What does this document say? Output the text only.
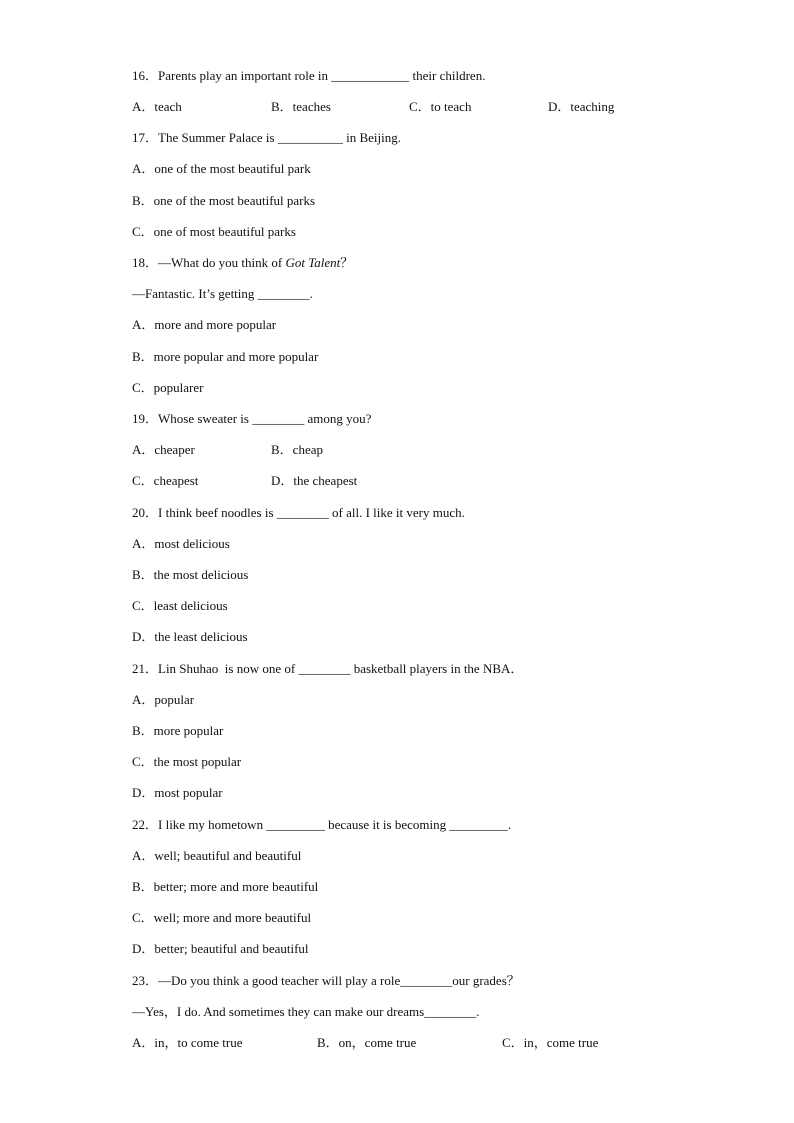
16．Parents play an important role in ____________ their children.
A．teach	B．teaches	C．to teach	D．teaching
17．The Summer Palace is __________ in Beijing.
A．one of the most beautiful park
B．one of the most beautiful parks
C．one of most beautiful parks
18．—What do you think of Got Talent？
—Fantastic. It’s getting ________.
A．more and more popular
B．more popular and more popular
C．popularer
19．Whose sweater is ________ among you?
A．cheaper	B．cheap
C．cheapest	D．the cheapest
20．I think beef noodles is ________ of all. I like it very much.
A．most delicious
B．the most delicious
C．least delicious
D．the least delicious
21．Lin Shuhao  is now one of ________ basketball players in the NBA．
A．popular
B．more popular
C．the most popular
D．most popular
22．I like my hometown _________ because it is becoming _________.
A．well; beautiful and beautiful
B．better; more and more beautiful
C．well; more and more beautiful
D．better; beautiful and beautiful
23．—Do you think a good teacher will play a role________our grades？
—Yes，I do. And sometimes they can make our dreams________.
A．in，to come true	B．on，come true	C．in，come true
